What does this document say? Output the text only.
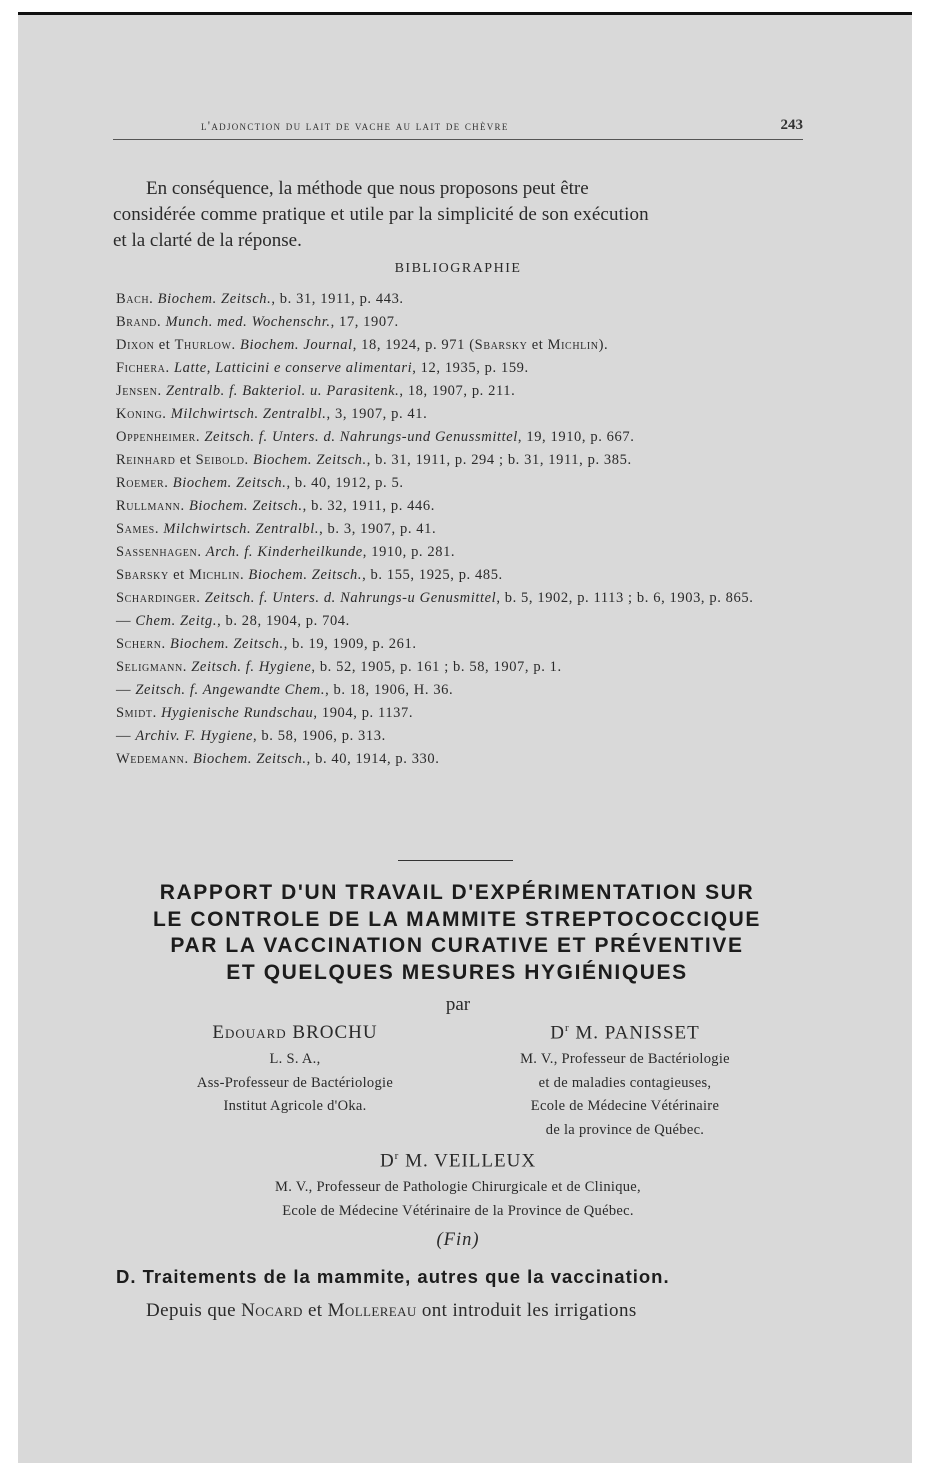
l'adjonction du lait de vache au lait de chèvre	243

En conséquence, la méthode que nous proposons peut être

considérée comme pratique et utile par la simplicité de son exécution

et la clarté de la réponse.

BIBLIOGRAPHIE

Bach. Biochem. Zeitsch., b. 31, 1911, p. 443.

Brand. Munch. med. Wochenschr., 17, 1907.

Dixon et Thurlow. Biochem. Journal, 18, 1924, p. 971 (Sbarsky et Michlin).

Fichera. Latte, Latticini e conserve alimentari, 12, 1935, p. 159.

Jensen. Zentralb. f. Bakteriol. u. Parasitenk., 18, 1907, p. 211.

Koning. Milchwirtsch. Zentralbl., 3, 1907, p. 41.

Oppenheimer. Zeitsch. f. Unters. d. Nahrungs-und Genussmittel, 19, 1910, p. 667.

Reinhard et Seibold. Biochem. Zeitsch., b. 31, 1911, p. 294 ; b. 31, 1911, p. 385.

Roemer. Biochem. Zeitsch., b. 40, 1912, p. 5.

Rullmann. Biochem. Zeitsch., b. 32, 1911, p. 446.

Sames. Milchwirtsch. Zentralbl., b. 3, 1907, p. 41.

Sassenhagen. Arch. f. Kinderheilkunde, 1910, p. 281.

Sbarsky et Michlin. Biochem. Zeitsch., b. 155, 1925, p. 485.

Schardinger. Zeitsch. f. Unters. d. Nahrungs-u Genusmittel, b. 5, 1902, p. 1113 ; b. 6, 1903, p. 865.

— Chem. Zeitg., b. 28, 1904, p. 704.

Schern. Biochem. Zeitsch., b. 19, 1909, p. 261.

Seligmann. Zeitsch. f. Hygiene, b. 52, 1905, p. 161 ; b. 58, 1907, p. 1.

— Zeitsch. f. Angewandte Chem., b. 18, 1906, H. 36.

Smidt. Hygienische Rundschau, 1904, p. 1137.

— Archiv. F. Hygiene, b. 58, 1906, p. 313.

Wedemann. Biochem. Zeitsch., b. 40, 1914, p. 330.

RAPPORT D'UN TRAVAIL D'EXPÉRIMENTATION SUR
LE CONTROLE DE LA MAMMITE STREPTOCOCCIQUE
PAR LA VACCINATION CURATIVE ET PRÉVENTIVE
ET QUELQUES MESURES HYGIÉNIQUES
par

Edouard BROCHU

L. S. A.,

Ass-Professeur de Bactériologie

Institut Agricole d'Oka.

$D^r$ M. PANISSET

M. V., Professeur de Bactériologie

et de maladies contagieuses,

Ecole de Médecine Vétérinaire

de la province de Québec.

$D^r$ M. VEILLEUX

M. V., Professeur de Pathologie Chirurgicale et de Clinique,

Ecole de Médecine Vétérinaire de la Province de Québec.

(Fin)
D. Traitements de la mammite, autres que la vaccination.

Depuis que Nocard et Mollereau ont introduit les irrigations
